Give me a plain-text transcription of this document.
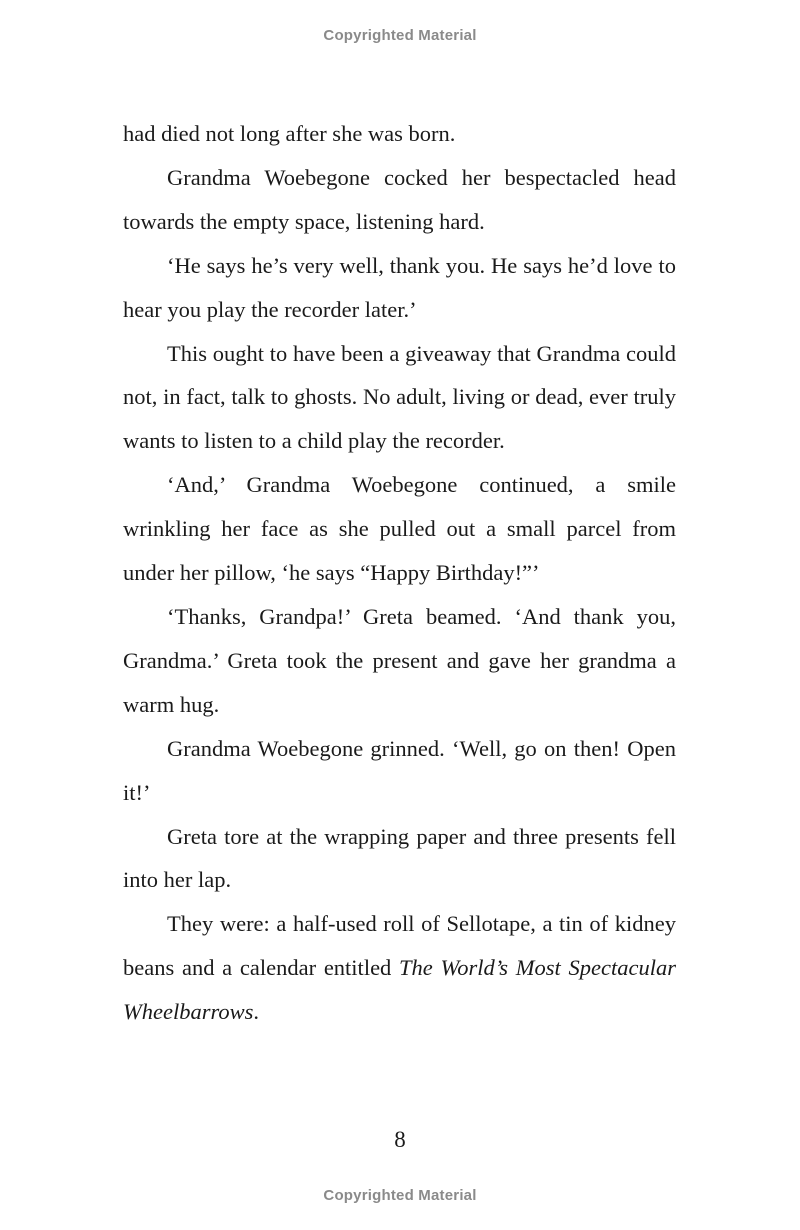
Copyrighted Material

had died not long after she was born.

Grandma Woebegone cocked her bespectacled head towards the empty space, listening hard.

‘He says he’s very well, thank you. He says he’d love to hear you play the recorder later.’

This ought to have been a giveaway that Grandma could not, in fact, talk to ghosts. No adult, living or dead, ever truly wants to listen to a child play the recorder.

‘And,’ Grandma Woebegone continued, a smile wrinkling her face as she pulled out a small parcel from under her pillow, ‘he says “Happy Birthday!”’

‘Thanks, Grandpa!’ Greta beamed. ‘And thank you, Grandma.’ Greta took the present and gave her grandma a warm hug.

Grandma Woebegone grinned. ‘Well, go on then! Open it!’

Greta tore at the wrapping paper and three presents fell into her lap.

They were: a half-used roll of Sellotape, a tin of kidney beans and a calendar entitled The World’s Most Spectacular Wheelbarrows.

8
Copyrighted Material
